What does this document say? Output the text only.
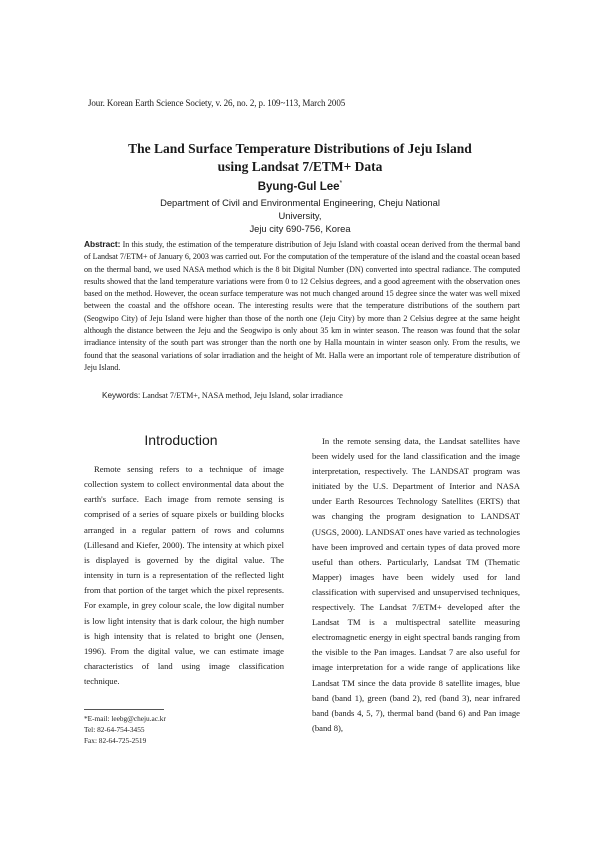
Jour. Korean Earth Science Society, v. 26, no. 2, p. 109~113, March 2005
The Land Surface Temperature Distributions of Jeju Island
using Landsat 7/ETM+ Data
Byung-Gul Lee*
Department of Civil and Environmental Engineering, Cheju National University,
Jeju city 690-756, Korea
Abstract: In this study, the estimation of the temperature distribution of Jeju Island with coastal ocean derived from the thermal band of Landsat 7/ETM+ of January 6, 2003 was carried out. For the computation of the temperature of the island and the coastal ocean based on the thermal band, we used NASA method which is the 8 bit Digital Number (DN) converted into spectral radiance. The computed results showed that the land temperature variations were from 0 to 12 Celsius degrees, and a good agreement with the observation ones based on the method. However, the ocean surface temperature was not much changed around 15 degree since the water was well mixed between the coastal and the offshore ocean. The interesting results were that the temperature distributions of the southern part (Seogwipo City) of Jeju Island were higher than those of the north one (Jeju City) by more than 2 Celsius degree at the same height although the distance between the Jeju and the Seogwipo is only about 35 km in winter season. The reason was found that the solar irradiance intensity of the south part was stronger than the north one by Halla mountain in winter season only. From the results, we found that the seasonal variations of solar irradiation and the height of Mt. Halla were an important role of temperature distribution of Jeju Island.
Keywords: Landsat 7/ETM+, NASA method, Jeju Island, solar irradiance
Introduction

Remote sensing refers to a technique of image collection system to collect environmental data about the earth's surface. Each image from remote sensing is comprised of a series of square pixels or building blocks arranged in a regular pattern of rows and columns (Lillesand and Kiefer, 2000). The intensity at which pixel is displayed is governed by the digital value. The intensity in turn is a representation of the reflected light from that portion of the target which the pixel represents. For example, in grey colour scale, the low digital number is low light intensity that is dark colour, the high number is high intensity that is related to bright one (Jensen, 1996). From the digital value, we can estimate image characteristics of land using image classification technique.

In the remote sensing data, the Landsat satellites have been widely used for the land classification and the image interpretation, respectively. The LANDSAT program was initiated by the U.S. Department of Interior and NASA under Earth Resources Technology Satellites (ERTS) that was changing the program designation to LANDSAT (USGS, 2000). LANDSAT ones have varied as technologies have been improved and certain types of data proved more useful than others. Particularly, Landsat TM (Thematic Mapper) images have been widely used for land classification with supervised and unsupervised techniques, respectively. The Landsat 7/ETM+ developed after the Landsat TM is a multispectral satellite measuring electromagnetic energy in eight spectral bands ranging from the visible to the Pan images. Landsat 7 are also useful for image interpretation for a wide range of applications like Landsat TM since the data provide 8 satellite images, blue band (band 1), green (band 2), red (band 3), near infrared band (bands 4, 5, 7), thermal band (band 6) and Pan image (band 8),

*E-mail: leebg@cheju.ac.kr
Tel: 82-64-754-3455
Fax: 82-64-725-2519
